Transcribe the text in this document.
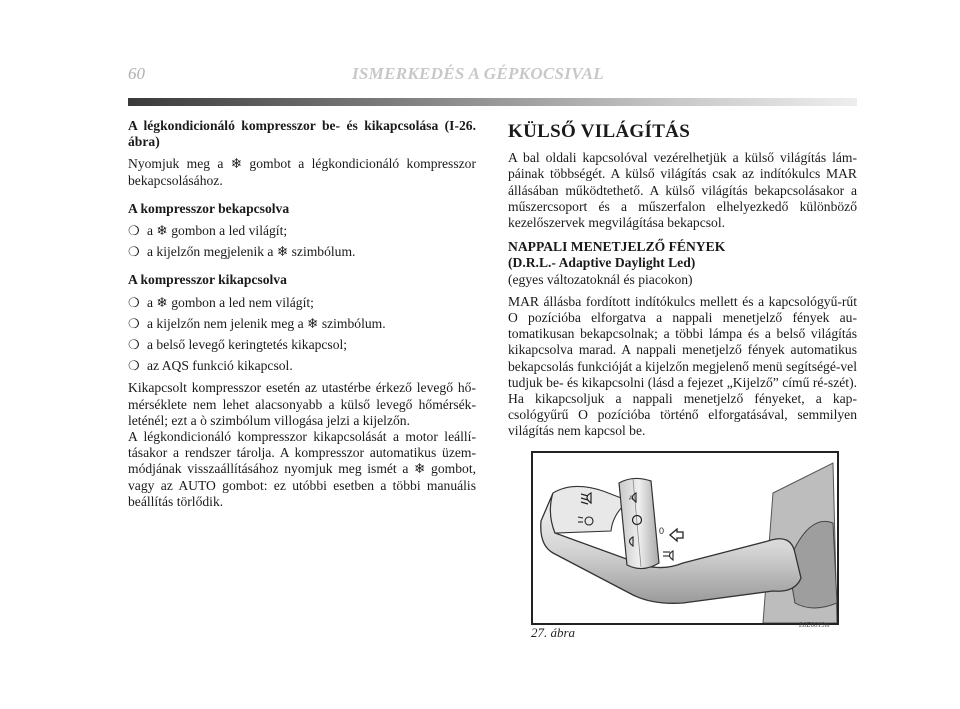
60	ISMERKEDÉS A GÉPKOCSIVAL

A légkondicionáló kompresszor be- és kikapcsolása (I-26. ábra)

Nyomjuk meg a ❄ gombot a légkondicionáló kompresszor bekapcsolásához.

A kompresszor bekapcsolva

❍ a ❄ gombon a led világít;
❍ a kijelzőn megjelenik a ❄ szimbólum.

A kompresszor kikapcsolva

❍ a ❄ gombon a led nem világít;
❍ a kijelzőn nem jelenik meg a ❄ szimbólum.
❍ a belső levegő keringtetés kikapcsol;
❍ az AQS funkció kikapcsol.

Kikapcsolt kompresszor esetén az utastérbe érkező levegő hő-mérséklete nem lehet alacsonyabb a külső levegő hőmérsék-leténél; ezt a ò szimbólum villogása jelzi a kijelzőn.

A légkondicionáló kompresszor kikapcsolását a motor leállí-tásakor a rendszer tárolja. A kompresszor automatikus üzem-módjának visszaállításához nyomjuk meg ismét a ❄ gombot, vagy az AUTO gombot: ez utóbbi esetben a többi manuális beállítás törlődik.

KÜLSŐ VILÁGÍTÁS

A bal oldali kapcsolóval vezérelhetjük a külső világítás lám-páinak többségét. A külső világítás csak az indítókulcs MAR állásában működtethető. A külső világítás bekapcsolásakor a műszercsoport és a műszerfalon elhelyezkedő különböző kezelőszervek megvilágítása bekapcsol.

NAPPALI MENETJELZŐ FÉNYEK

(D.R.L.- Adaptive Daylight Led)

(egyes változatoknál és piacokon)

MAR állásba fordított indítókulcs mellett és a kapcsológyű-rűt O pozícióba elforgatva a nappali menetjelző fények au-tomatikusan bekapcsolnak; a többi lámpa és a belső világítás kikapcsolva marad. A nappali menetjelző fények automatikus bekapcsolás funkcióját a kijelzőn megjelenő menü segítségé-vel tudjuk be- és kikapcsolni (lásd a fejezet „Kijelző” című ré-szét). Ha kikapcsoljuk a nappali menetjelző fényeket, a kap-csológyűrű O pozícióba történő elforgatásával, semmilyen világítás nem kapcsol be.

A
0
L0E0019m
27. ábra
